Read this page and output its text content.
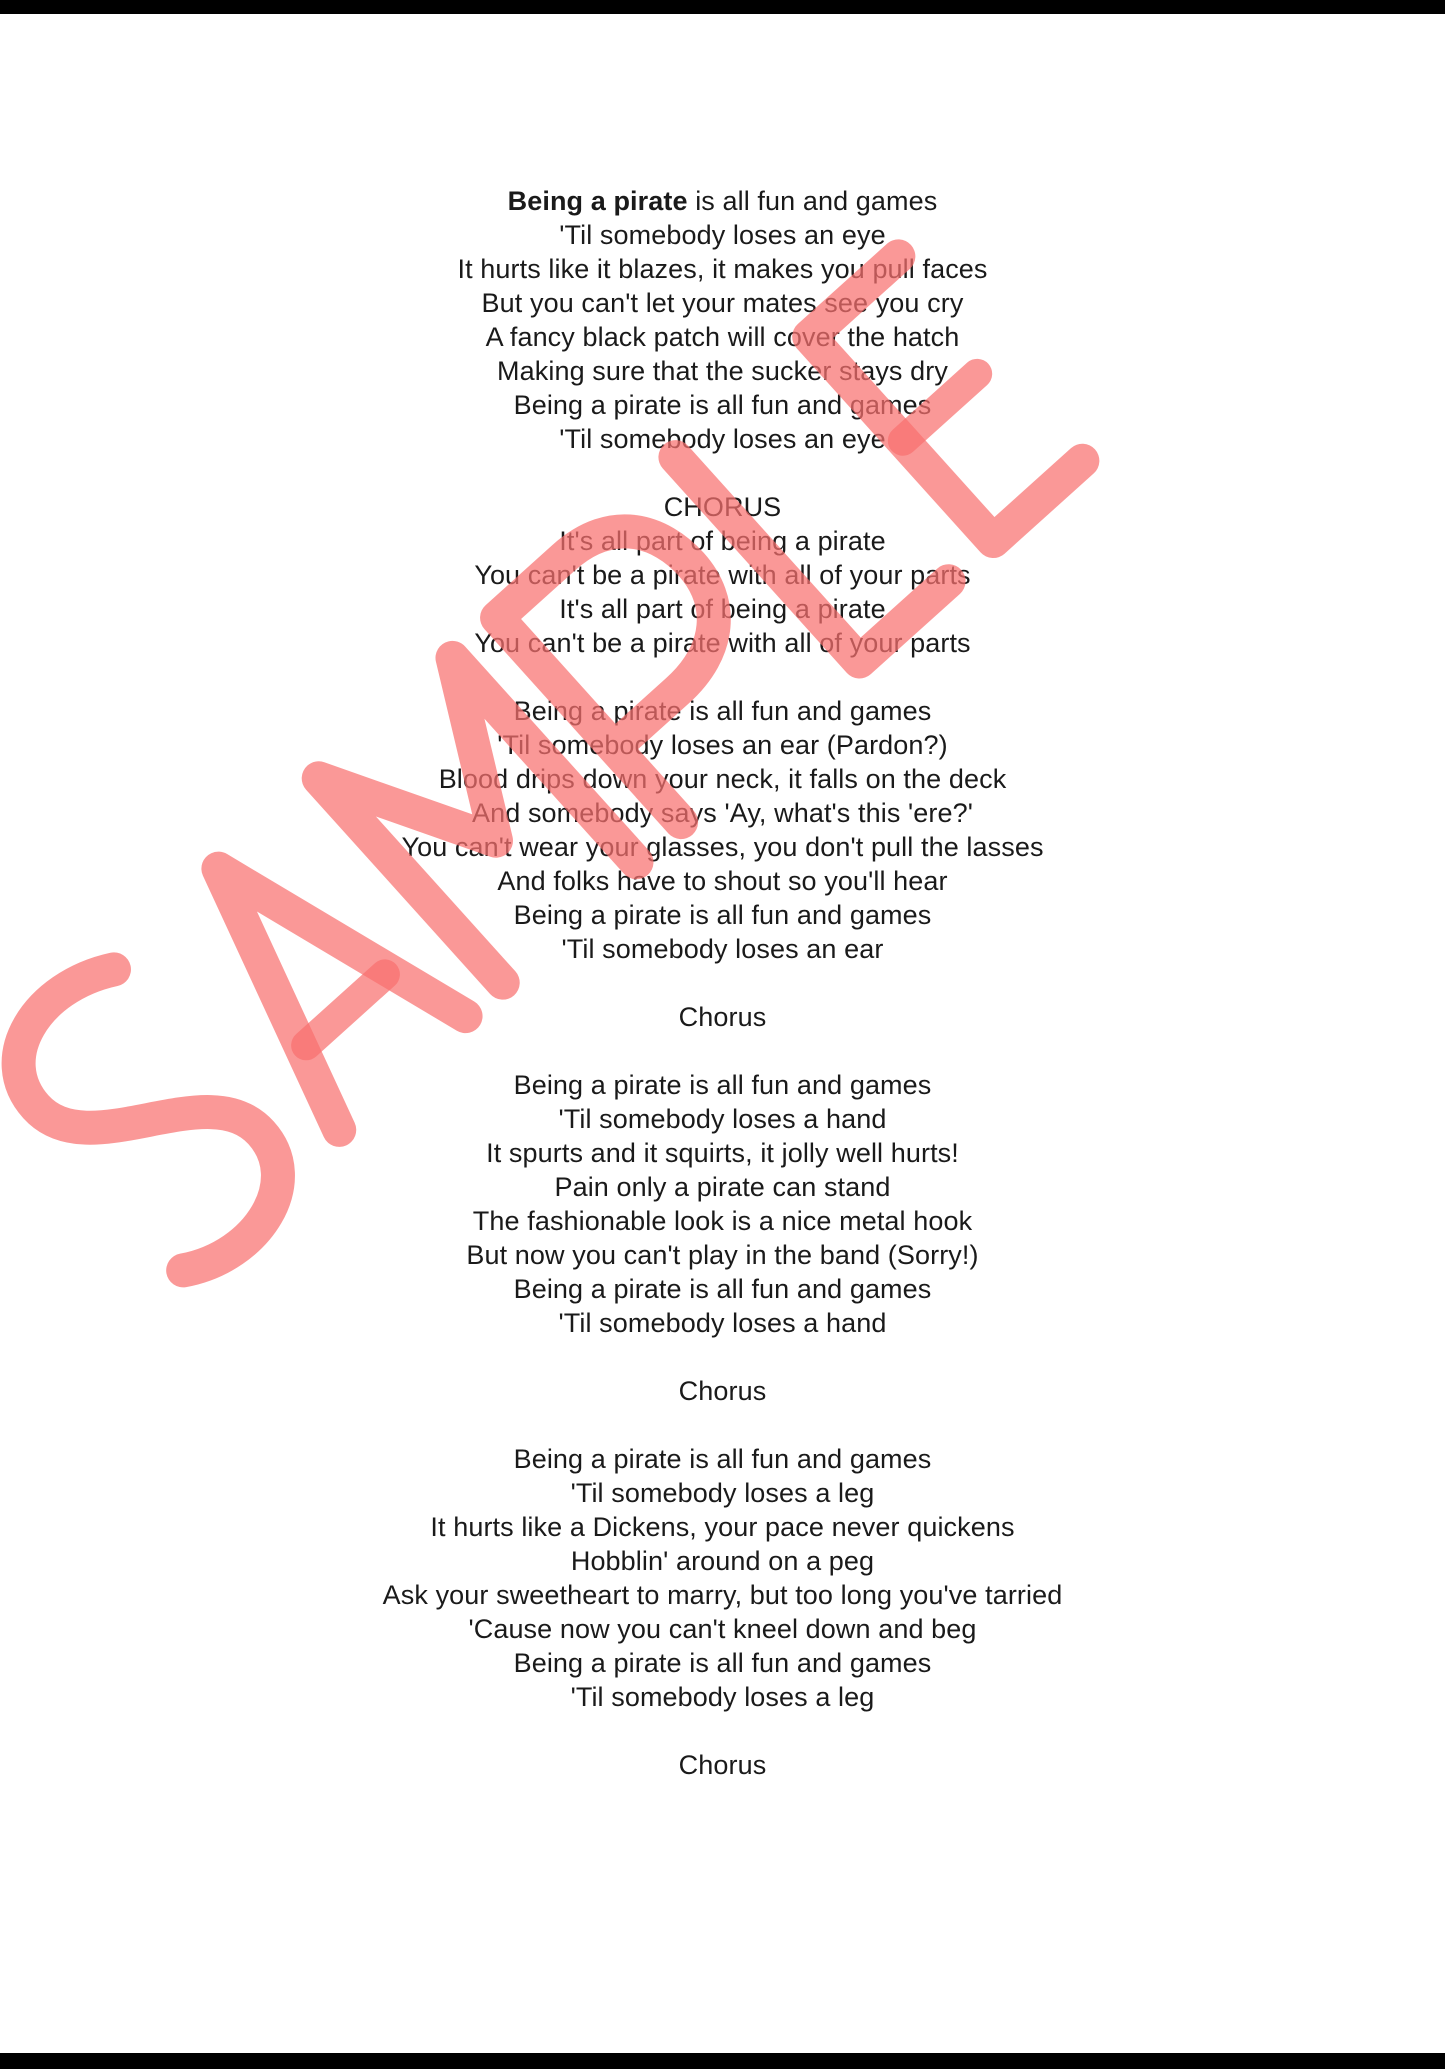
Being a pirate is all fun and games
'Til somebody loses an eye
It hurts like it blazes, it makes you pull faces
But you can't let your mates see you cry
A fancy black patch will cover the hatch
Making sure that the sucker stays dry
Being a pirate is all fun and games
'Til somebody loses an eye
CHORUS
It's all part of being a pirate
You can't be a pirate with all of your parts
It's all part of being a pirate
You can't be a pirate with all of your parts
Being a pirate is all fun and games
'Til somebody loses an ear (Pardon?)
Blood drips down your neck, it falls on the deck
And somebody says 'Ay, what's this 'ere?'
You can't wear your glasses, you don't pull the lasses
And folks have to shout so you'll hear
Being a pirate is all fun and games
'Til somebody loses an ear
Chorus
Being a pirate is all fun and games
'Til somebody loses a hand
It spurts and it squirts, it jolly well hurts!
Pain only a pirate can stand
The fashionable look is a nice metal hook
But now you can't play in the band (Sorry!)
Being a pirate is all fun and games
'Til somebody loses a hand
Chorus
Being a pirate is all fun and games
'Til somebody loses a leg
It hurts like a Dickens, your pace never quickens
Hobblin' around on a peg
Ask your sweetheart to marry, but too long you've tarried
'Cause now you can't kneel down and beg
Being a pirate is all fun and games
'Til somebody loses a leg
Chorus
